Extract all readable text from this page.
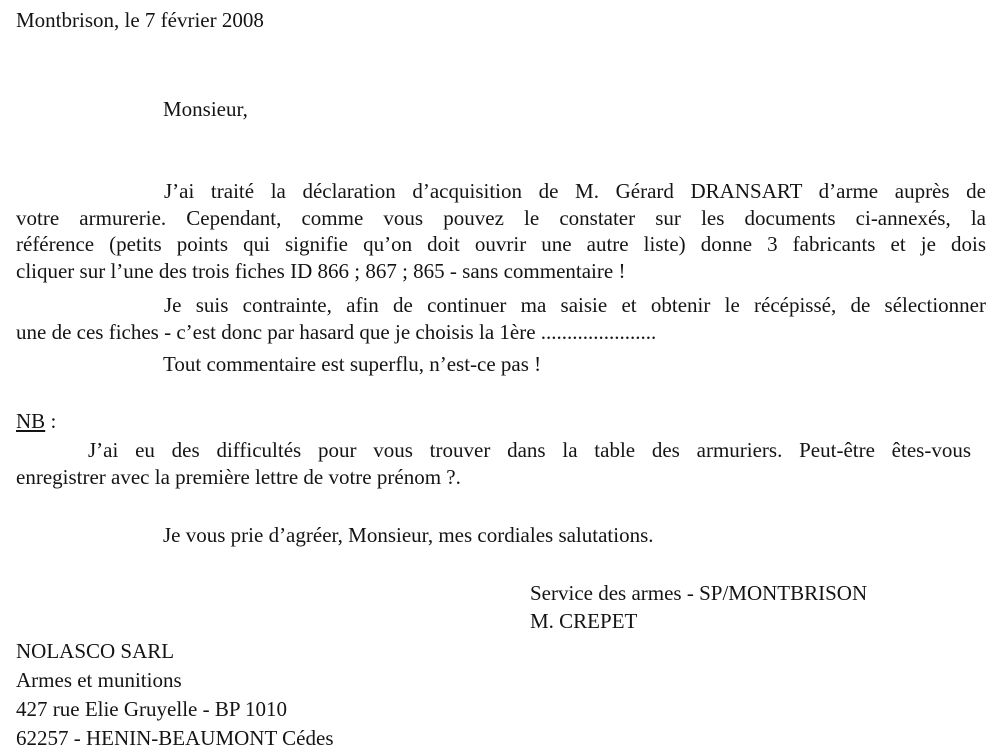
Montbrison, le 7 février 2008
Monsieur,
J’ai traité la déclaration d’acquisition de M. Gérard DRANSART d’arme auprès de
votre armurerie. Cependant, comme vous pouvez le constater sur les documents ci-annexés, la
référence (petits points qui signifie qu’on doit ouvrir une autre liste) donne 3 fabricants et je dois
cliquer sur l’une des trois fiches ID 866 ; 867 ; 865 - sans commentaire !
Je suis contrainte, afin de continuer ma saisie et obtenir le récépissé, de sélectionner
une de ces fiches - c’est donc par hasard que je choisis la 1ère ......................
Tout commentaire est superflu, n’est-ce pas !
NB :
J’ai eu des difficultés pour vous trouver dans la table des armuriers. Peut-être êtes-vous
enregistrer avec la première lettre de votre prénom ?.
Je vous prie d’agréer, Monsieur, mes cordiales salutations.
Service des armes - SP/MONTBRISON
M. CREPET
NOLASCO SARL
Armes et munitions
427 rue Elie Gruyelle - BP 1010
62257 - HENIN-BEAUMONT Cédes
